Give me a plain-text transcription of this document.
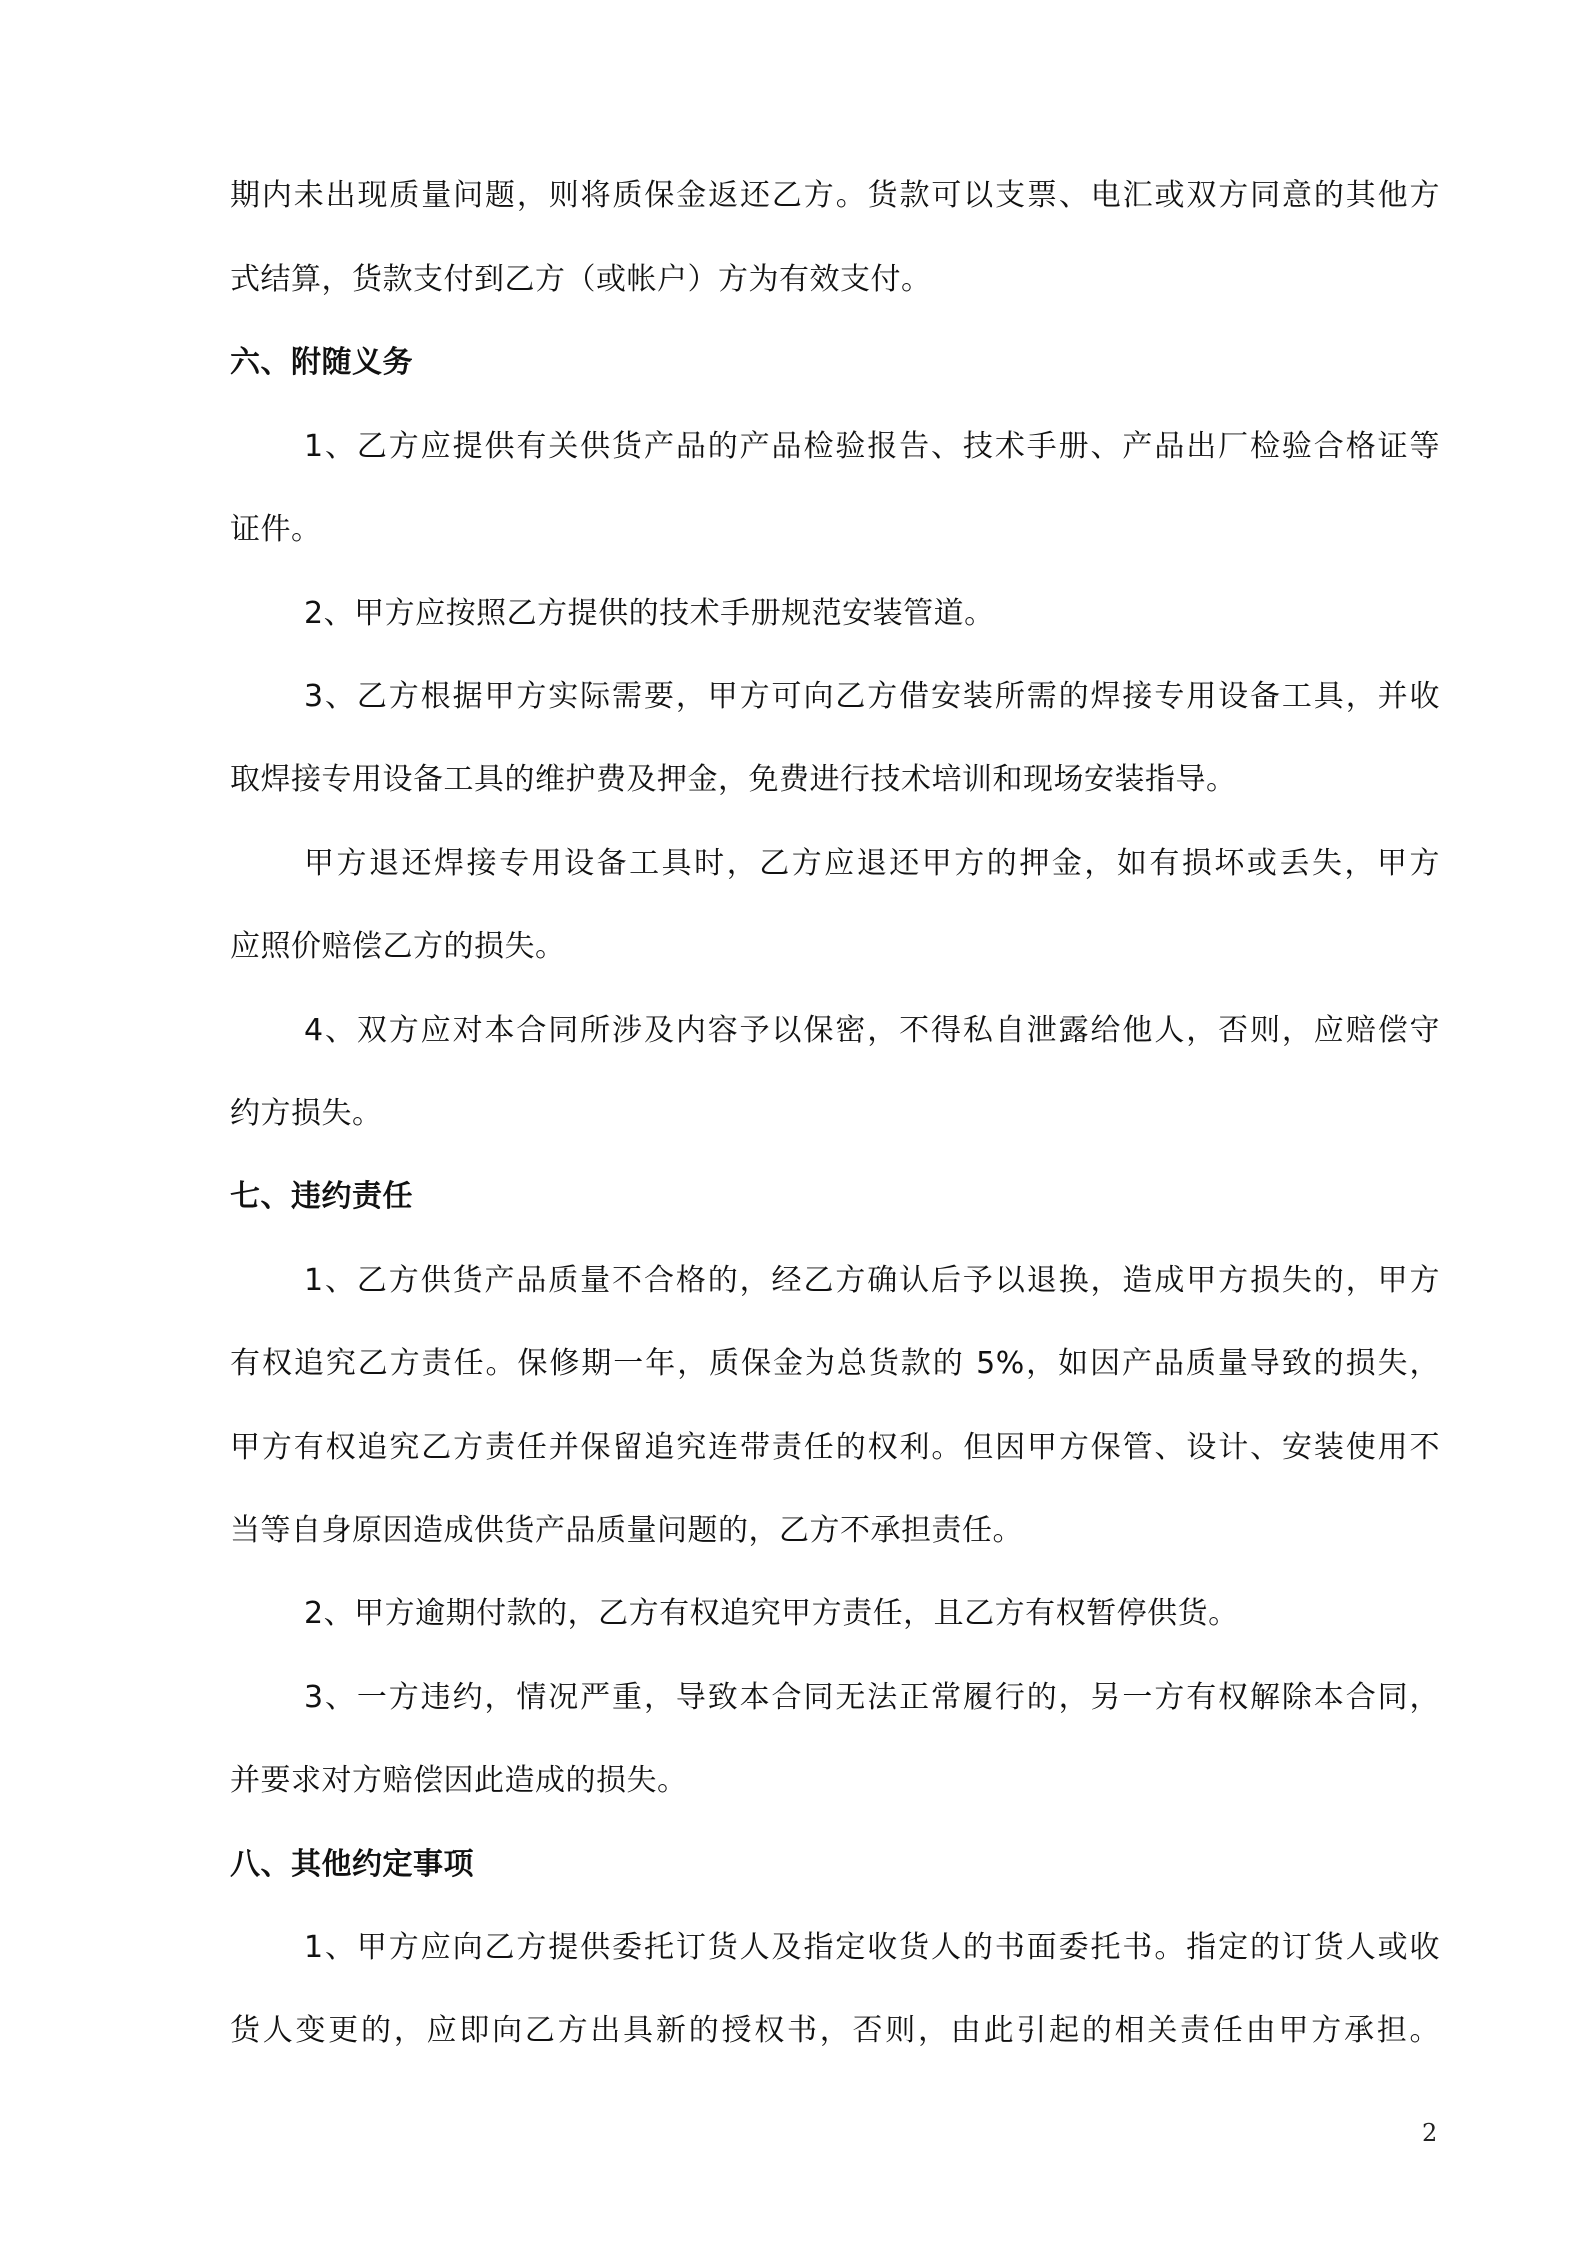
期内未出现质量问题，则将质保金返还乙方。货款可以支票、电汇或双方同意的其他方
式结算，货款支付到乙方（或帐户）方为有效支付。
六、附随义务
1、乙方应提供有关供货产品的产品检验报告、技术手册、产品出厂检验合格证等
证件。
2、甲方应按照乙方提供的技术手册规范安装管道。
3、乙方根据甲方实际需要，甲方可向乙方借安装所需的焊接专用设备工具，并收
取焊接专用设备工具的维护费及押金，免费进行技术培训和现场安装指导。
甲方退还焊接专用设备工具时，乙方应退还甲方的押金，如有损坏或丢失，甲方
应照价赔偿乙方的损失。
4、双方应对本合同所涉及内容予以保密，不得私自泄露给他人，否则，应赔偿守
约方损失。
七、违约责任
1、乙方供货产品质量不合格的，经乙方确认后予以退换，造成甲方损失的，甲方
有权追究乙方责任。保修期一年，质保金为总货款的 5%，如因产品质量导致的损失，
甲方有权追究乙方责任并保留追究连带责任的权利。但因甲方保管、设计、安装使用不
当等自身原因造成供货产品质量问题的，乙方不承担责任。
2、甲方逾期付款的，乙方有权追究甲方责任，且乙方有权暂停供货。
3、一方违约，情况严重，导致本合同无法正常履行的，另一方有权解除本合同，
并要求对方赔偿因此造成的损失。
八、其他约定事项
1、甲方应向乙方提供委托订货人及指定收货人的书面委托书。指定的订货人或收
货人变更的，应即向乙方出具新的授权书，否则，由此引起的相关责任由甲方承担。
2
